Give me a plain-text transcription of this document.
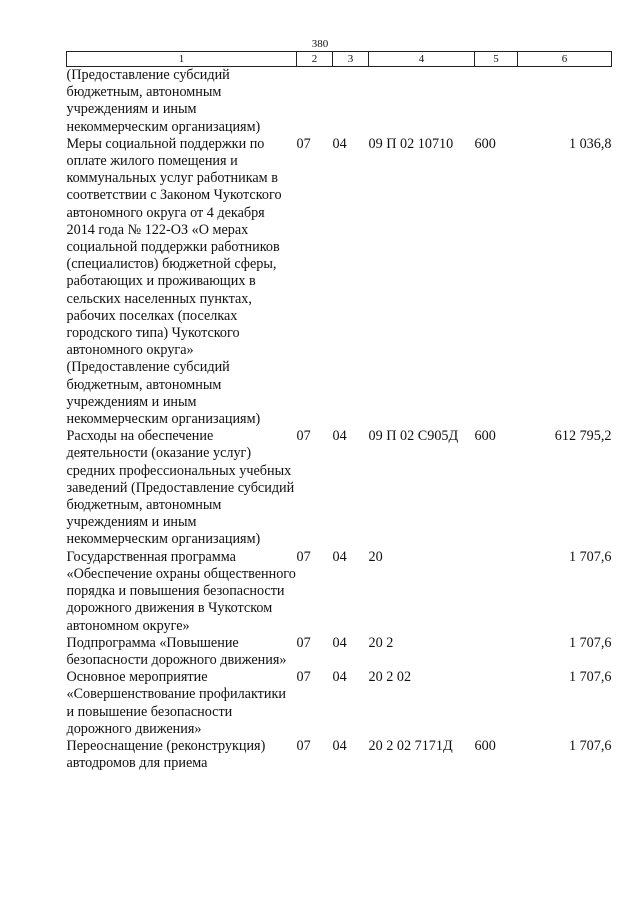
380
1	2	3	4	5	6
(Предоставление субсидий бюджетным, автономным учреждениям и иным некоммерческим организациям)					
Меры социальной поддержки по оплате жилого помещения и коммунальных услуг работникам в соответствии с Законом Чукотского автономного округа от 4 декабря 2014 года № 122-ОЗ «О мерах социальной поддержки работников (специалистов) бюджетной сферы, работающих и проживающих в сельских населенных пунктах, рабочих поселках (поселках городского типа) Чукотского автономного округа» (Предоставление субсидий бюджетным, автономным учреждениям и иным некоммерческим организациям)	07	04	09 П 02 10710	600	1 036,8
Расходы на обеспечение деятельности (оказание услуг) средних профессиональных учебных заведений (Предоставление субсидий бюджетным, автономным учреждениям и иным некоммерческим организациям)	07	04	09 П 02 С905Д	600	612 795,2
Государственная программа «Обеспечение охраны общественного порядка и повышения безопасности дорожного движения в Чукотском автономном округе»	07	04	20		1 707,6
Подпрограмма «Повышение безопасности дорожного движения»	07	04	20 2		1 707,6
Основное мероприятие «Совершенствование профилактики и повышение безопасности дорожного движения»	07	04	20 2 02		1 707,6
Переоснащение (реконструкция) автодромов для приема	07	04	20 2 02 7171Д	600	1 707,6
